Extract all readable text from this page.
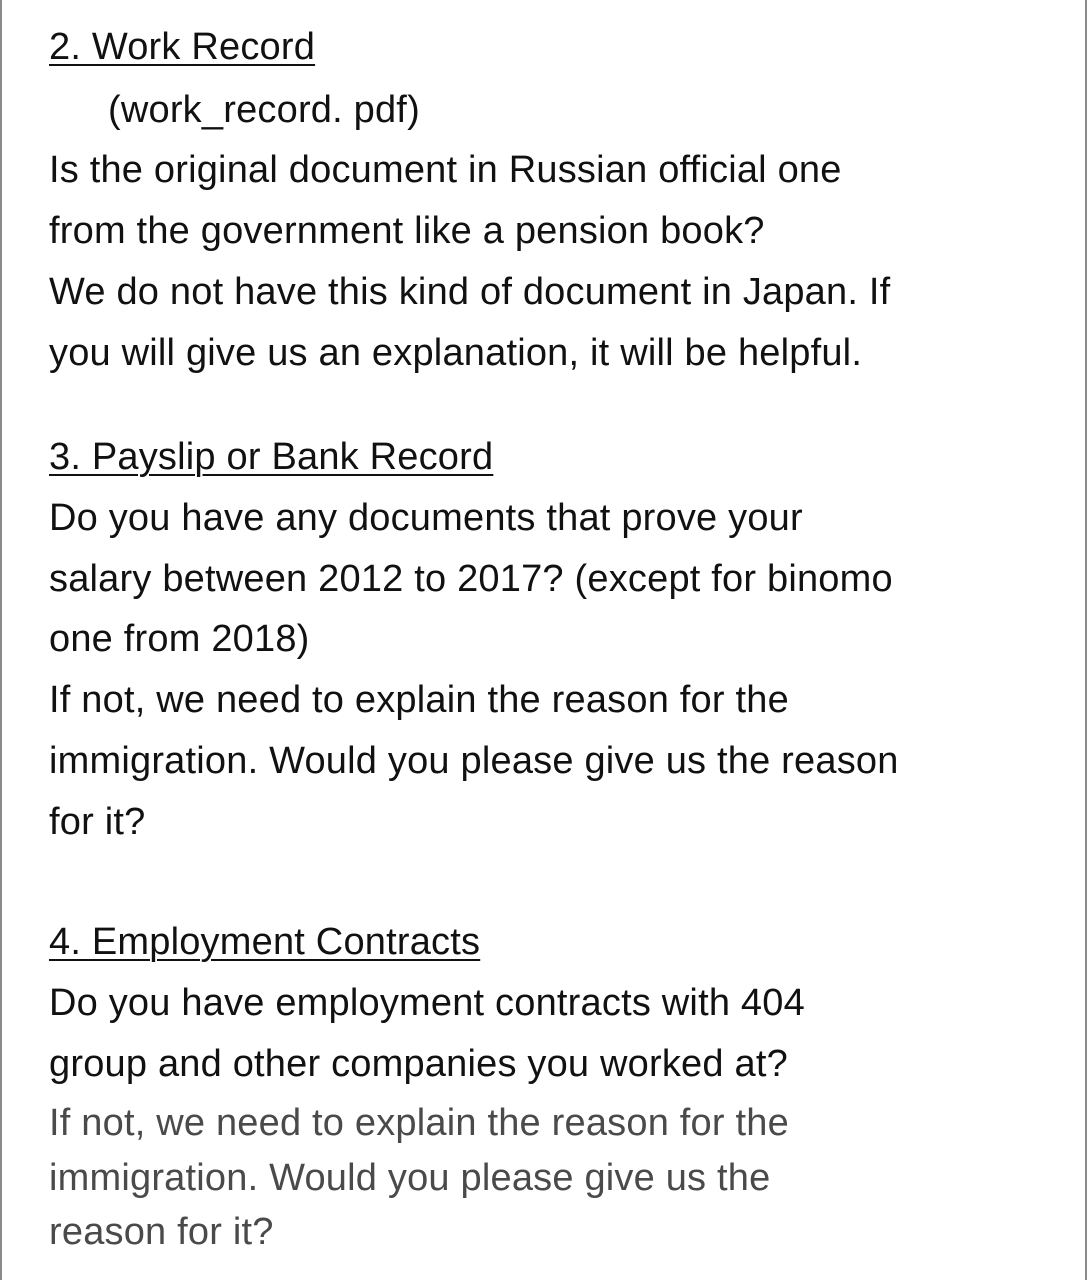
2. Work Record

(work_record. pdf)

Is the original document in Russian official one

from the government like a pension book?

We do not have this kind of document in Japan. If

you will give us an explanation, it will be helpful.

3. Payslip or Bank Record

Do you have any documents that prove your

salary between 2012 to 2017? (except for binomo

one from 2018)

If not, we need to explain the reason for the

immigration. Would you please give us the reason

for it?

4. Employment Contracts

Do you have employment contracts with 404

group and other companies you worked at?

If not, we need to explain the reason for the

immigration. Would you please give us the

reason for it?
